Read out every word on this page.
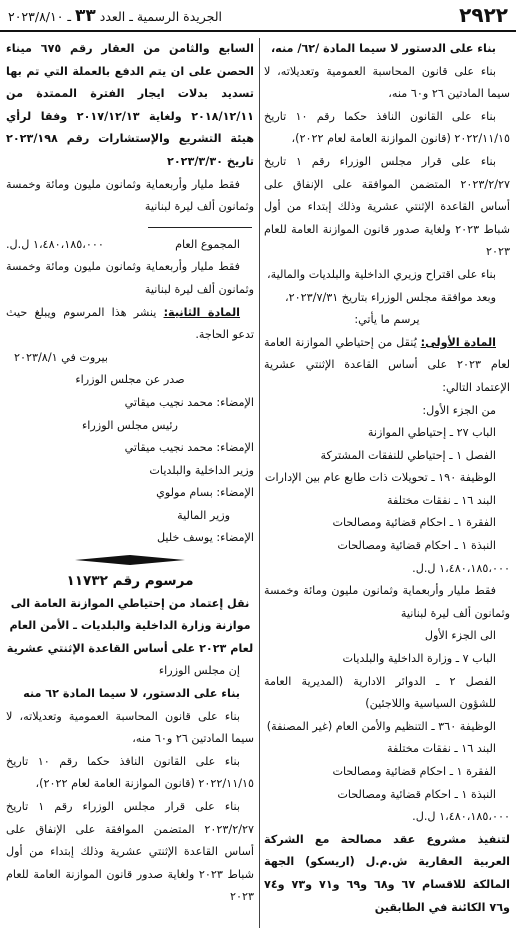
٢٩٢٢
الجريدة الرسمية ـ العدد ٣٣ ـ ٢٠٢٣/٨/١٠

بناء على الدستور لا سيما المادة /٦٢/ منه،

بناء على قانون المحاسبة العمومية وتعديلاته، لا سيما المادتين ٢٦ و٦٠ منه،

بناء على القانون النافذ حكما رقم ١٠ تاريخ ٢٠٢٢/١١/١٥ (قانون الموازنة العامة لعام ٢٠٢٢)،

بناء على قرار مجلس الوزراء رقم ١ تاريخ ٢٠٢٣/٢/٢٧ المتضمن الموافقة على الإنفاق على أساس القاعدة الإثنتي عشرية وذلك إبتداء من أول شباط ٢٠٢٣ ولغاية صدور قانون الموازنة العامة للعام ٢٠٢٣

بناء على اقتراح وزيري الداخلية والبلديات والمالية،

وبعد موافقة مجلس الوزراء بتاريخ ٢٠٢٣/٧/٣١،

يرسم ما يأتي:

المادة الأولى: يُنقل من إحتياطي الموازنة العامة لعام ٢٠٢٣ على أساس القاعدة الإثنتي عشرية الإعتماد التالي:

من الجزء الأول:

الباب ٢٧ ـ إحتياطي الموازنة

الفصل ١ ـ إحتياطي للنفقات المشتركة

الوظيفة ١٩٠ ـ تحويلات ذات طابع عام بين الإدارات

البند ١٦ ـ نفقات مختلفة

الفقرة ١ ـ احكام قضائية ومصالحات

النبذة ١ ـ احكام قضائية ومصالحات

١،٤٨٠،١٨٥،٠٠٠ ل.ل.

فقط مليار وأربعماية وثمانون مليون ومائة وخمسة وثمانون ألف ليرة لبنانية

الى الجزء الأول

الباب ٧ ـ وزارة الداخلية والبلديات

الفصل ٢ ـ الدوائر الادارية (المديرية العامة للشؤون السياسية واللاجئين)

الوظيفة ٣٦٠ ـ التنظيم والأمن العام (غير المصنفة)

البند ١٦ ـ نفقات مختلفة

الفقرة ١ ـ احكام قضائية ومصالحات

النبذة ١ ـ احكام قضائية ومصالحات

١،٤٨٠،١٨٥،٠٠٠ ل.ل.

لتنفيذ مشروع عقد مصالحة مع الشركة العربية العقارية ش.م.ل (اريسكو) الجهة المالكة للاقسام ٦٧ و٦٨ و٦٩ و٧١ و٧٣ و٧٤ و٧٦ الكائنة في الطابقين

السابع والثامن من العقار رقم ٦٧٥ ميناء الحصن على ان يتم الدفع بالعملة التي تم بها تسديد بدلات ايجار الفترة الممتدة من ٢٠١٨/١٢/١١ ولغاية ٢٠١٧/١٢/١٣ وفقا لرأي هيئة التشريع والإستشارات رقم ٢٠٢٣/١٩٨ تاريخ ٢٠٢٣/٣/٣٠

فقط مليار وأربعماية وثمانون مليون ومائة وخمسة وثمانون ألف ليرة لبنانية

المجموع العام
١،٤٨٠،١٨٥،٠٠٠ ل.ل.

فقط مليار وأربعماية وثمانون مليون ومائة وخمسة وثمانون ألف ليرة لبنانية

المادة الثانية: ينشر هذا المرسوم ويبلغ حيث تدعو الحاجة.

بيروت في ٢٠٢٣/٨/١

صدر عن مجلس الوزراء

الإمضاء: محمد نجيب ميقاتي

رئيس مجلس الوزراء

الإمضاء: محمد نجيب ميقاتي

وزير الداخلية والبلديات

الإمضاء: بسام مولوي

وزير المالية

الإمضاء: يوسف خليل

مرسوم رقم ١١٧٣٢

نقل إعتماد من إحتياطي الموازنة العامة الى موازنة وزارة الداخلية والبلديات ـ الأمن العام لعام ٢٠٢٣ على أساس القاعدة الإثنتي عشرية

إن مجلس الوزراء

بناء على الدستور، لا سيما المادة ٦٢ منه

بناء على قانون المحاسبة العمومية وتعديلاته، لا سيما المادتين ٢٦ و٦٠ منه،

بناء على القانون النافذ حكما رقم ١٠ تاريخ ٢٠٢٢/١١/١٥ (قانون الموازنة العامة لعام ٢٠٢٢)،

بناء على قرار مجلس الوزراء رقم ١ تاريخ ٢٠٢٣/٢/٢٧ المتضمن الموافقة على الإنفاق على أساس القاعدة الإثنتي عشرية وذلك إبتداء من أول شباط ٢٠٢٣ ولغاية صدور قانون الموازنة العامة للعام ٢٠٢٣
